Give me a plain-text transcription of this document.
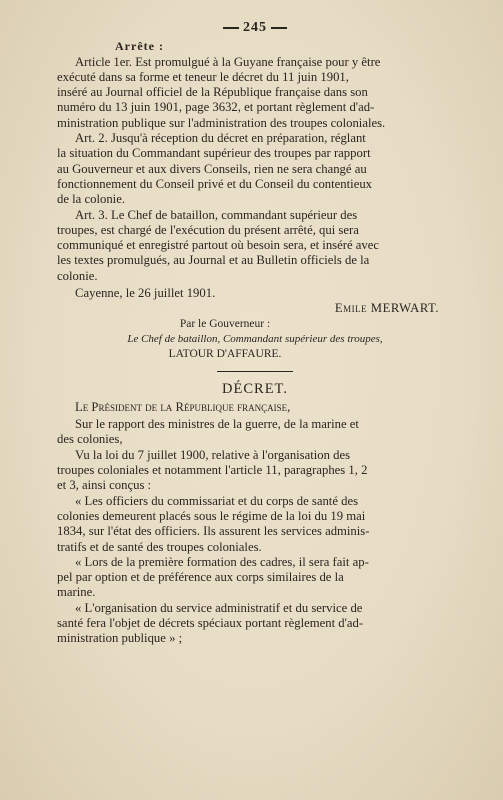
245

Arrête :

Article 1er. Est promulgué à la Guyane française pour y être
exécuté dans sa forme et teneur le décret du 11 juin 1901,
inséré au Journal officiel de la République française dans son
numéro du 13 juin 1901, page 3632, et portant règlement d'ad-
ministration publique sur l'administration des troupes coloniales.
Art. 2. Jusqu'à réception du décret en préparation, réglant
la situation du Commandant supérieur des troupes par rapport
au Gouverneur et aux divers Conseils, rien ne sera changé au
fonctionnement du Conseil privé et du Conseil du contentieux
de la colonie.
Art. 3. Le Chef de bataillon, commandant supérieur des
troupes, est chargé de l'exécution du présent arrêté, qui sera
communiqué et enregistré partout où besoin sera, et inséré avec
les textes promulgués, au Journal et au Bulletin officiels de la
colonie.

Cayenne, le 26 juillet 1901.

Emile MERWART.

Par le Gouverneur :

Le Chef de bataillon, Commandant supérieur des troupes,

LATOUR D'AFFAURE.

DÉCRET.

Le Président de la République française,

Sur le rapport des ministres de la guerre, de la marine et
des colonies,
Vu la loi du 7 juillet 1900, relative à l'organisation des
troupes coloniales et notamment l'article 11, paragraphes 1, 2
et 3, ainsi conçus :
« Les officiers du commissariat et du corps de santé des
colonies demeurent placés sous le régime de la loi du 19 mai
1834, sur l'état des officiers. Ils assurent les services adminis-
tratifs et de santé des troupes coloniales.
« Lors de la première formation des cadres, il sera fait ap-
pel par option et de préférence aux corps similaires de la
marine.
« L'organisation du service administratif et du service de
santé fera l'objet de décrets spéciaux portant règlement d'ad-
ministration publique » ;
